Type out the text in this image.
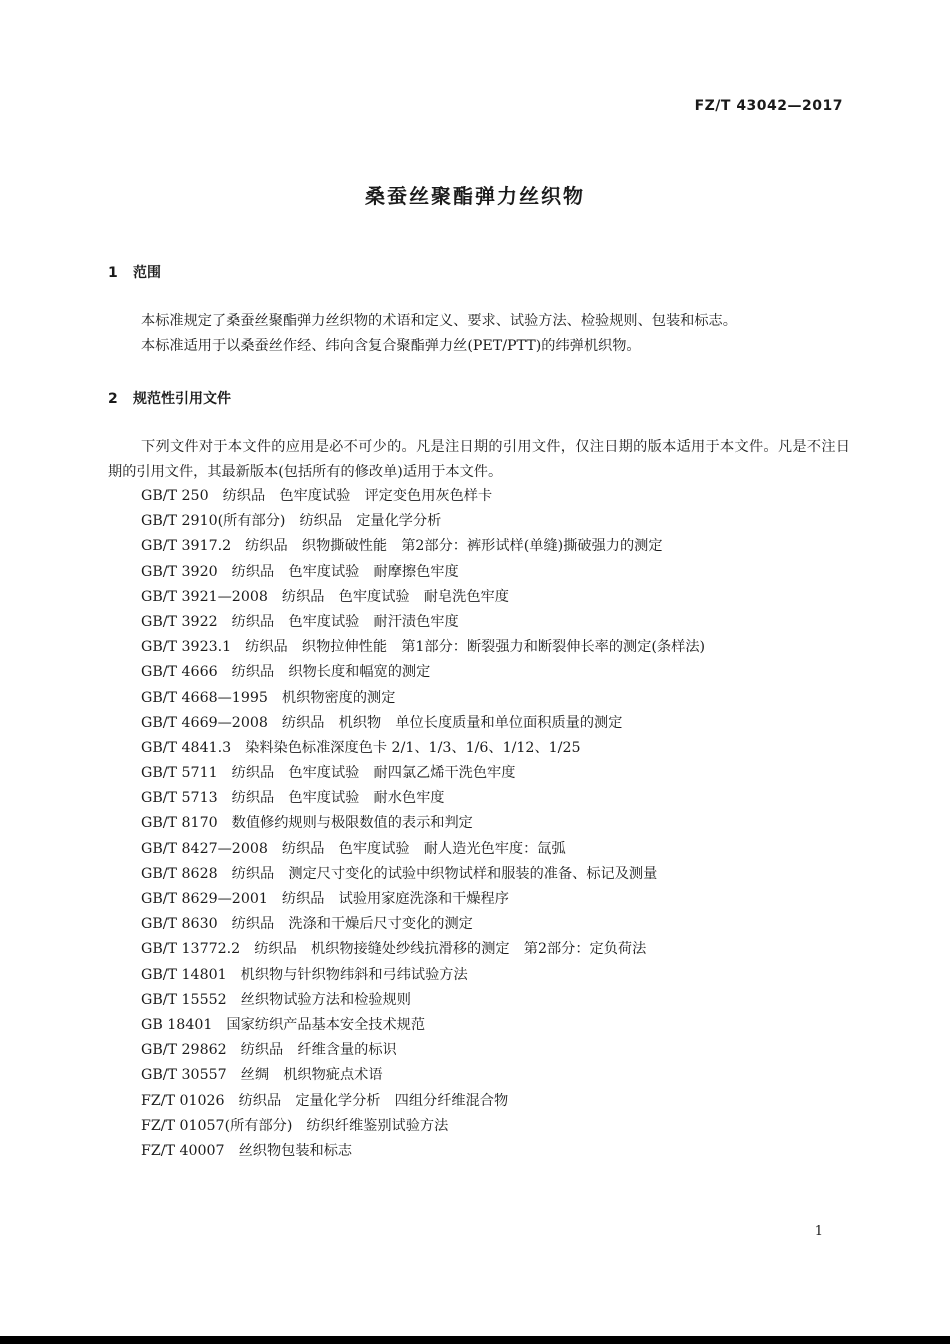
FZ/T 43042—2017
桑蚕丝聚酯弹力丝织物
1 范围

本标准规定了桑蚕丝聚酯弹力丝织物的术语和定义、要求、试验方法、检验规则、包装和标志。

本标准适用于以桑蚕丝作经、纬向含复合聚酯弹力丝(PET/PTT)的纬弹机织物。

2 规范性引用文件

下列文件对于本文件的应用是必不可少的。凡是注日期的引用文件，仅注日期的版本适用于本文件。凡是不注日期的引用文件，其最新版本(包括所有的修改单)适用于本文件。

GB/T 250 纺织品　色牢度试验　评定变色用灰色样卡
GB/T 2910(所有部分) 纺织品　定量化学分析
GB/T 3917.2 纺织品　织物撕破性能　第2部分：裤形试样(单缝)撕破强力的测定
GB/T 3920 纺织品　色牢度试验　耐摩擦色牢度
GB/T 3921—2008 纺织品　色牢度试验　耐皂洗色牢度
GB/T 3922 纺织品　色牢度试验　耐汗渍色牢度
GB/T 3923.1 纺织品　织物拉伸性能　第1部分：断裂强力和断裂伸长率的测定(条样法)
GB/T 4666 纺织品　织物长度和幅宽的测定
GB/T 4668—1995 机织物密度的测定
GB/T 4669—2008 纺织品　机织物　单位长度质量和单位面积质量的测定
GB/T 4841.3 染料染色标准深度色卡 2/1、1/3、1/6、1/12、1/25
GB/T 5711 纺织品　色牢度试验　耐四氯乙烯干洗色牢度
GB/T 5713 纺织品　色牢度试验　耐水色牢度
GB/T 8170 数值修约规则与极限数值的表示和判定
GB/T 8427—2008 纺织品　色牢度试验　耐人造光色牢度：氙弧
GB/T 8628 纺织品　测定尺寸变化的试验中织物试样和服装的准备、标记及测量
GB/T 8629—2001 纺织品　试验用家庭洗涤和干燥程序
GB/T 8630 纺织品　洗涤和干燥后尺寸变化的测定
GB/T 13772.2 纺织品　机织物接缝处纱线抗滑移的测定　第2部分：定负荷法
GB/T 14801 机织物与针织物纬斜和弓纬试验方法
GB/T 15552 丝织物试验方法和检验规则
GB 18401 国家纺织产品基本安全技术规范
GB/T 29862 纺织品　纤维含量的标识
GB/T 30557 丝绸　机织物疵点术语
FZ/T 01026 纺织品　定量化学分析　四组分纤维混合物
FZ/T 01057(所有部分) 纺织纤维鉴别试验方法
FZ/T 40007 丝织物包装和标志
1
